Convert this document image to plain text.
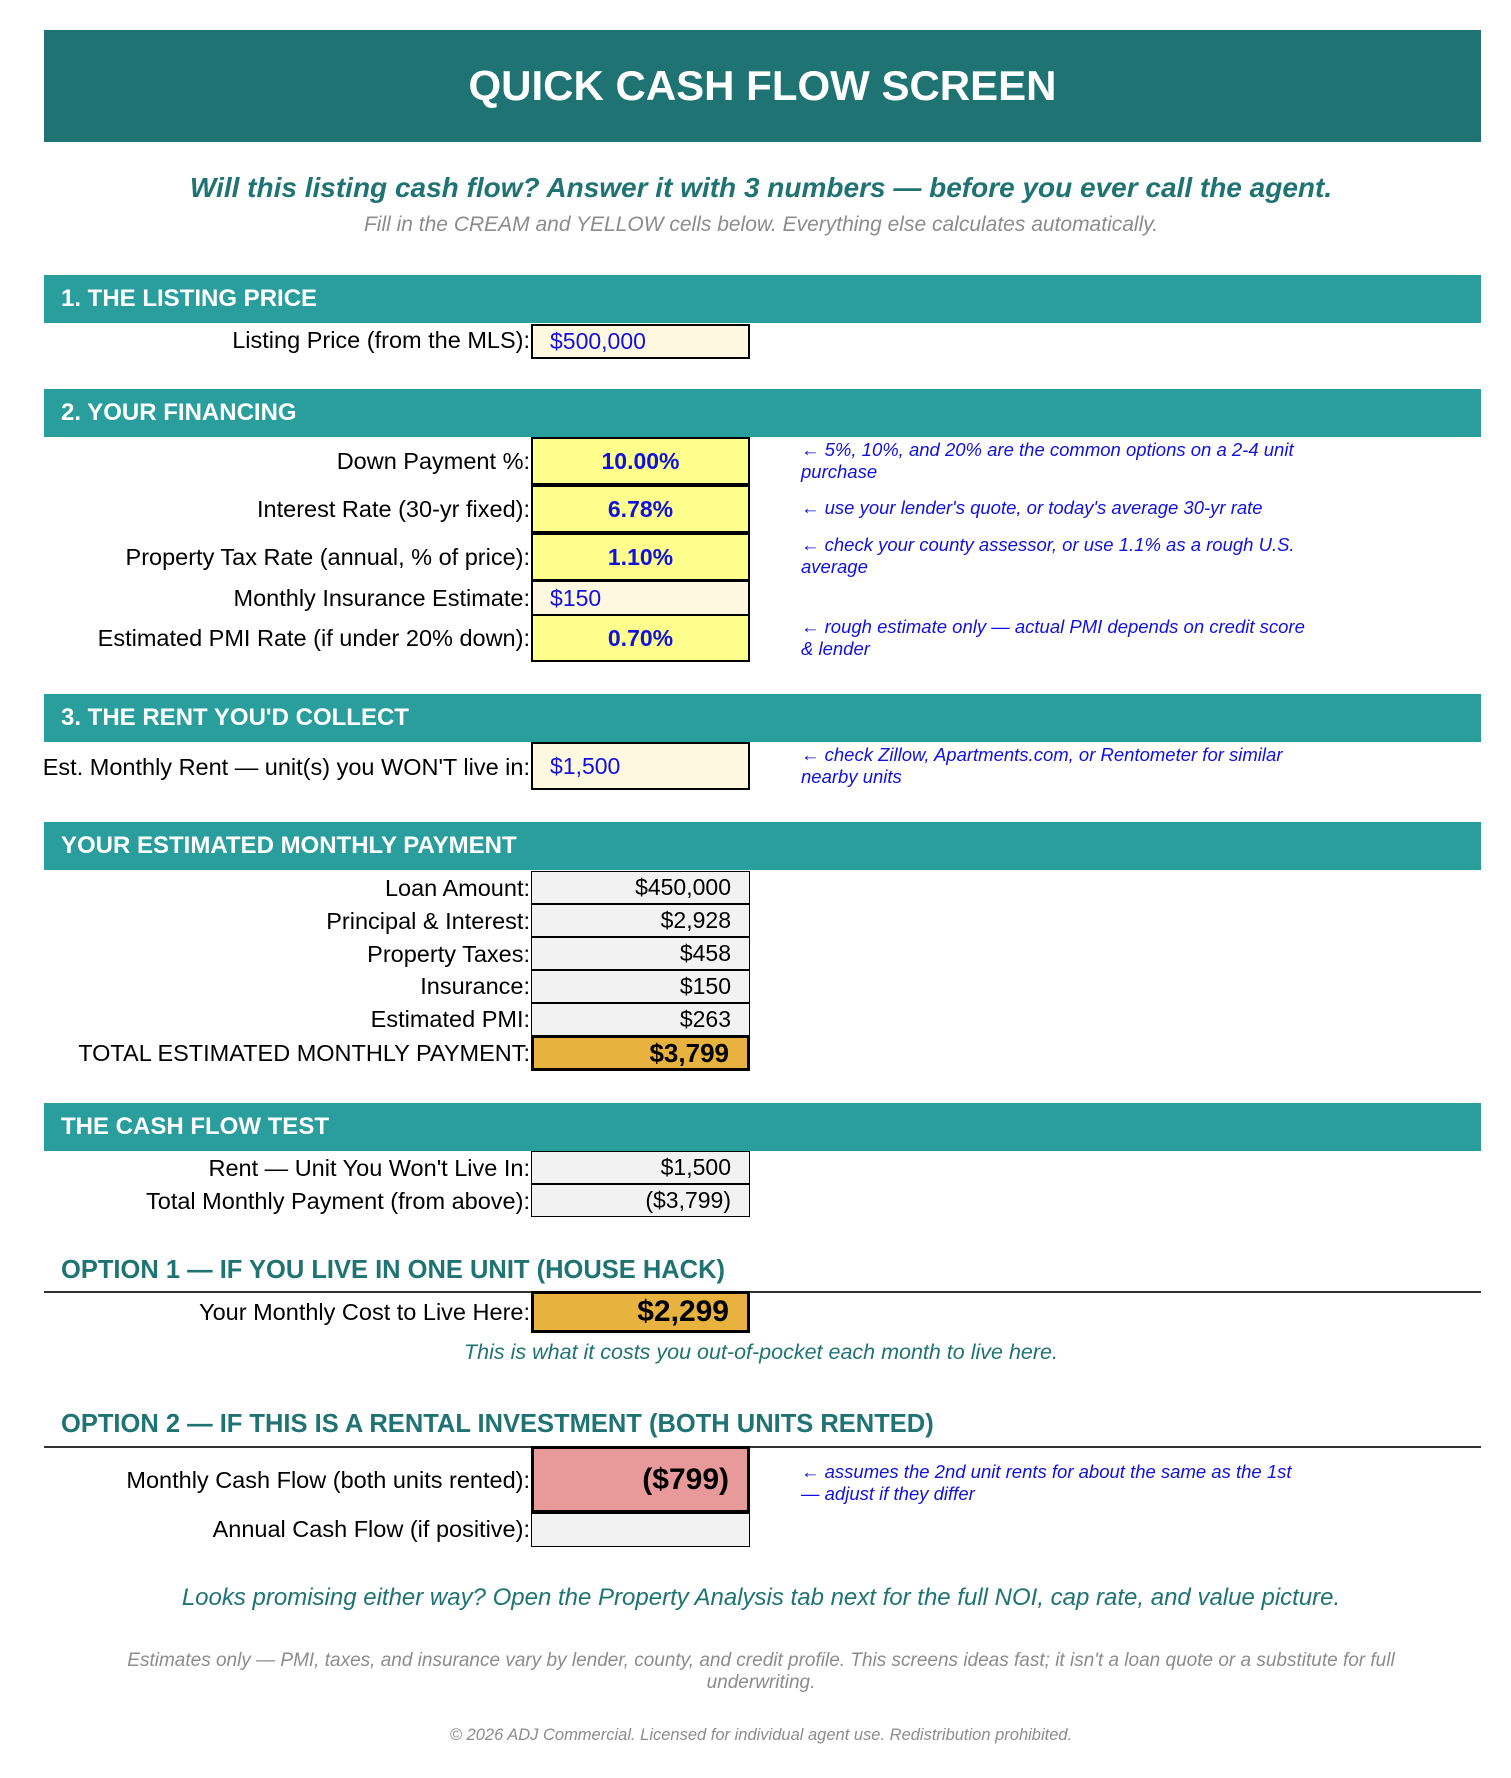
QUICK CASH FLOW SCREEN
Will this listing cash flow? Answer it with 3 numbers — before you ever call the agent.
Fill in the CREAM and YELLOW cells below. Everything else calculates automatically.
1. THE LISTING PRICE
Listing Price (from the MLS): $500,000
2. YOUR FINANCING
Down Payment %:	10.00%	← 5%, 10%, and 20% are the common options on a 2-4 unit purchase
Interest Rate (30-yr fixed):	6.78%	← use your lender's quote, or today's average 30-yr rate
Property Tax Rate (annual, % of price):	1.10%	← check your county assessor, or use 1.1% as a rough U.S. average
Monthly Insurance Estimate: $150
Estimated PMI Rate (if under 20% down):	0.70%	← rough estimate only — actual PMI depends on credit score & lender
3. THE RENT YOU'D COLLECT
Est. Monthly Rent — unit(s) you WON'T live in: $1,500	← check Zillow, Apartments.com, or Rentometer for similar nearby units
YOUR ESTIMATED MONTHLY PAYMENT
Loan Amount:	$450,000
Principal & Interest:	$2,928
Property Taxes:	$458
Insurance:	$150
Estimated PMI:	$263
TOTAL ESTIMATED MONTHLY PAYMENT:	$3,799
THE CASH FLOW TEST
Rent — Unit You Won't Live In:	$1,500
Total Monthly Payment (from above):	($3,799)
OPTION 1 — IF YOU LIVE IN ONE UNIT (HOUSE HACK)
Your Monthly Cost to Live Here:	$2,299
This is what it costs you out-of-pocket each month to live here.
OPTION 2 — IF THIS IS A RENTAL INVESTMENT (BOTH UNITS RENTED)
Monthly Cash Flow (both units rented):	($799)	← assumes the 2nd unit rents for about the same as the 1st — adjust if they differ
Annual Cash Flow (if positive):
Looks promising either way? Open the Property Analysis tab next for the full NOI, cap rate, and value picture.
Estimates only — PMI, taxes, and insurance vary by lender, county, and credit profile. This screens ideas fast; it isn't a loan quote or a substitute for full underwriting.
© 2026 ADJ Commercial. Licensed for individual agent use. Redistribution prohibited.
